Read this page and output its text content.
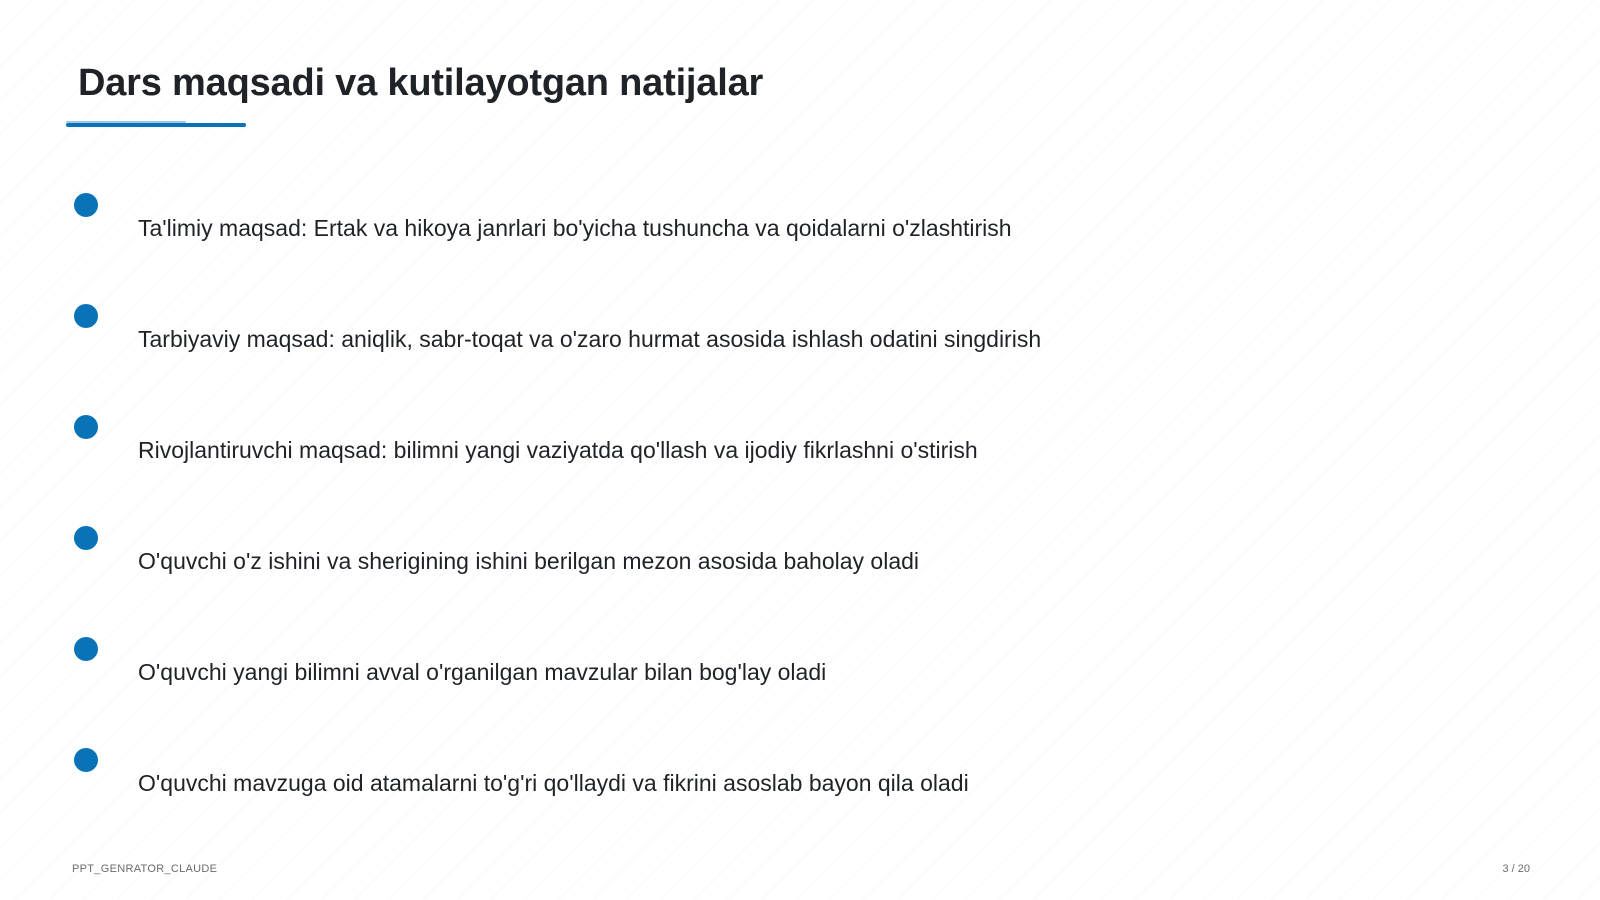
Dars maqsadi va kutilayotgan natijalar
Ta'limiy maqsad: Ertak va hikoya janrlari bo'yicha tushuncha va qoidalarni o'zlashtirish
Tarbiyaviy maqsad: aniqlik, sabr-toqat va o'zaro hurmat asosida ishlash odatini singdirish
Rivojlantiruvchi maqsad: bilimni yangi vaziyatda qo'llash va ijodiy fikrlashni o'stirish
O'quvchi o'z ishini va sherigining ishini berilgan mezon asosida baholay oladi
O'quvchi yangi bilimni avval o'rganilgan mavzular bilan bog'lay oladi
O'quvchi mavzuga oid atamalarni to'g'ri qo'llaydi va fikrini asoslab bayon qila oladi
PPT_GENRATOR_CLAUDE	3 / 20
